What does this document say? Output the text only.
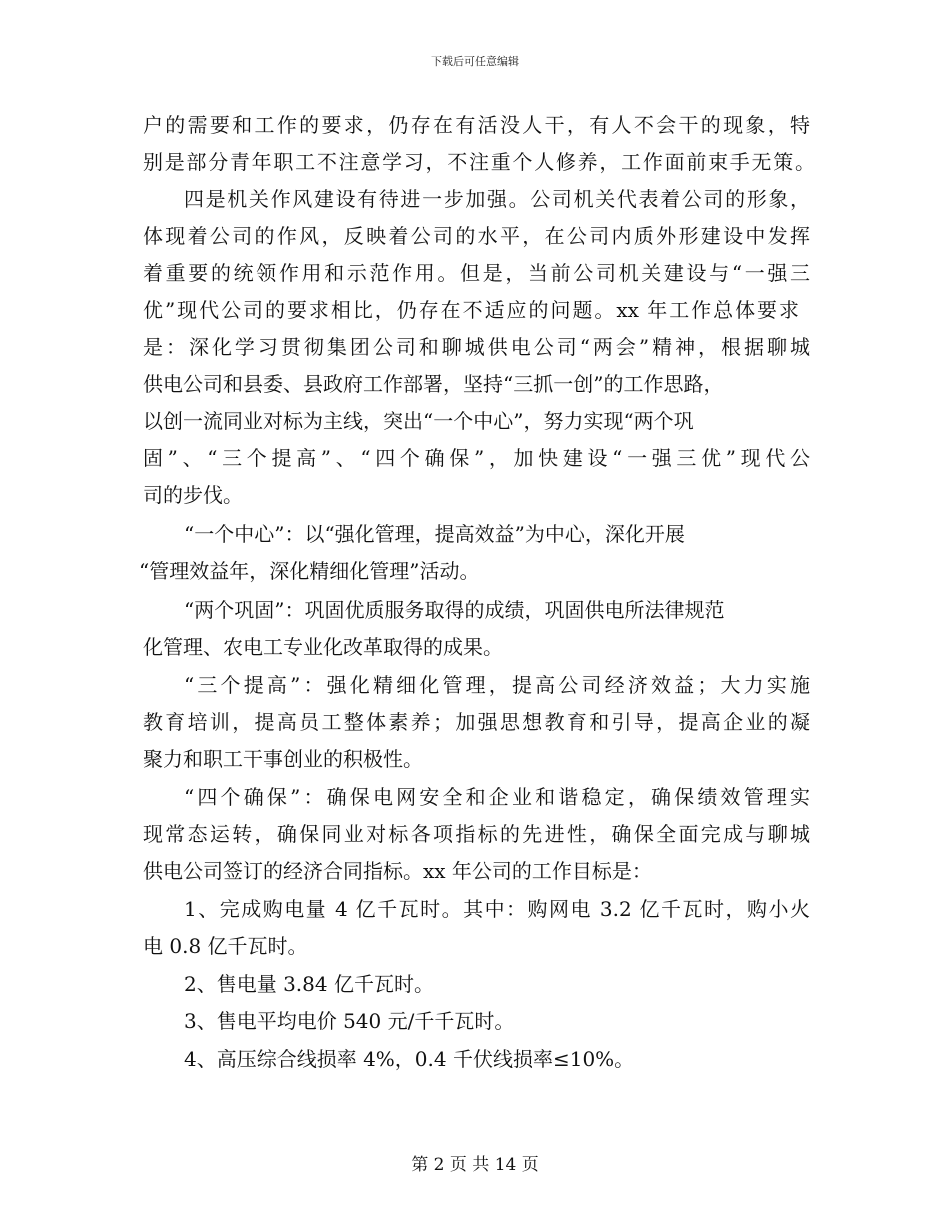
下载后可任意编辑
户的需要和工作的要求，仍存在有活没人干，有人不会干的现象，特
别是部分青年职工不注意学习，不注重个人修养，工作面前束手无策。
四是机关作风建设有待进一步加强。公司机关代表着公司的形象，
体现着公司的作风，反映着公司的水平，在公司内质外形建设中发挥
着重要的统领作用和示范作用。但是，当前公司机关建设与“一强三
优”现代公司的要求相比，仍存在不适应的问题。xx 年工作总体要求
是：深化学习贯彻集团公司和聊城供电公司“两会”精神，根据聊城
供电公司和县委、县政府工作部署，坚持“三抓一创”的工作思路，
以创一流同业对标为主线，突出“一个中心”，努力实现“两个巩
固”、“三个提高”、“四个确保”，加快建设“一强三优”现代公
司的步伐。
“一个中心”：以“强化管理，提高效益”为中心，深化开展
“管理效益年，深化精细化管理”活动。
“两个巩固”：巩固优质服务取得的成绩，巩固供电所法律规范
化管理、农电工专业化改革取得的成果。
“三个提高”：强化精细化管理，提高公司经济效益；大力实施
教育培训，提高员工整体素养；加强思想教育和引导，提高企业的凝
聚力和职工干事创业的积极性。
“四个确保”：确保电网安全和企业和谐稳定，确保绩效管理实
现常态运转，确保同业对标各项指标的先进性，确保全面完成与聊城
供电公司签订的经济合同指标。xx 年公司的工作目标是：
1、完成购电量 4 亿千瓦时。其中：购网电 3.2 亿千瓦时，购小火
电 0.8 亿千瓦时。
2、售电量 3.84 亿千瓦时。
3、售电平均电价 540 元/千千瓦时。
4、高压综合线损率 4%，0.4 千伏线损率≤10%。
第 2 页 共 14 页
